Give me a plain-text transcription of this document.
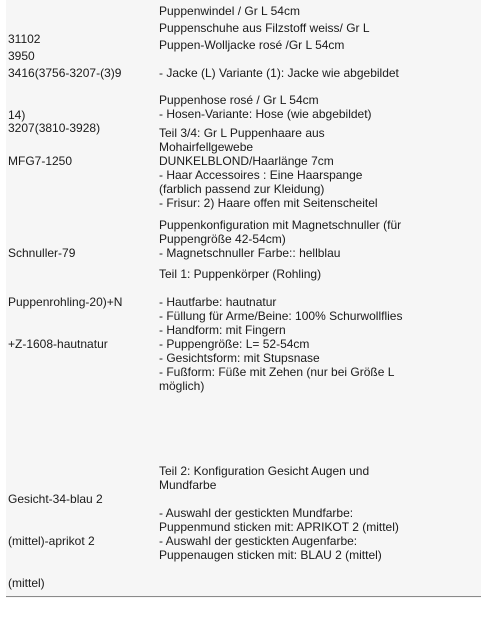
31102

Puppenwindel / Gr L 54cm

3950

Puppenschuhe aus Filzstoff weiss/ Gr L

3416(3756-3207-(3)9

14)

Puppen-Wolljacke rosé /Gr L 54cm
- Jacke (L) Variante (1): Jacke wie abgebildet

3207(3810-3928)

Puppenhose rosé / Gr L 54cm
- Hosen-Variante: Hose (wie abgebildet)

MFG7-1250

Teil 3/4: Gr L Puppenhaare aus
Mohairfellgewebe
DUNKELBLOND/Haarlänge 7cm
- Haar Accessoires : Eine Haarspange
(farblich passend zur Kleidung)
- Frisur: 2) Haare offen mit Seitenscheitel

Schnuller-79

Puppenkonfiguration mit Magnetschnuller (für
Puppengröße 42-54cm)
- Magnetschnuller Farbe:: hellblau

Puppenrohling-20)+N

+Z-1608-hautnatur

Teil 1: Puppenkörper (Rohling)
- Hautfarbe: hautnatur
- Füllung für Arme/Beine: 100% Schurwollflies
- Handform: mit Fingern
- Puppengröße: L= 52-54cm
- Gesichtsform: mit Stupsnase
- Fußform: Füße mit Zehen (nur bei Größe L
möglich)

Gesicht-34-blau 2

(mittel)-aprikot 2

(mittel)

Teil 2: Konfiguration Gesicht Augen und
Mundfarbe
- Auswahl der gestickten Mundfarbe:
Puppenmund sticken mit: APRIKOT 2 (mittel)
- Auswahl der gestickten Augenfarbe:
Puppenaugen sticken mit: BLAU 2 (mittel)
